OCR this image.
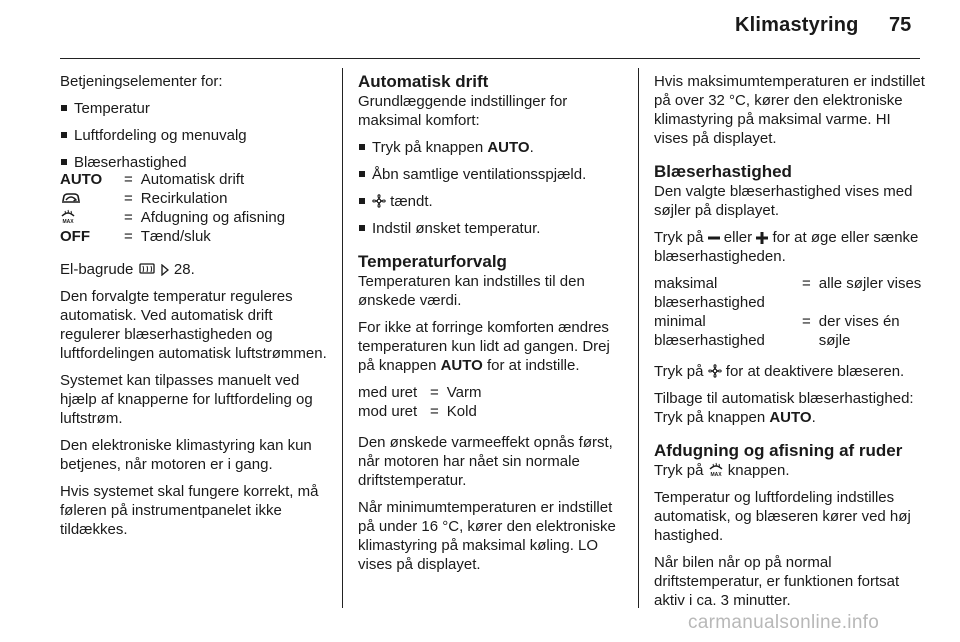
Klimastyring 75

Betjeningselementer for:

Temperatur
Luftfordeling og menuvalg
Blæserhastighed
AUTO	=	Automatisk drift
	=	Recirkulation

MAX	=	Afdugning og afisning
OFF	=	Tænd/sluk

El-bagrude	28.

Den forvalgte temperatur reguleres automatisk. Ved automatisk drift regulerer blæserhastigheden og luftfordelingen automatisk luftstrømmen.

Systemet kan tilpasses manuelt ved hjælp af knapperne for luftfordeling og luftstrøm.

Den elektroniske klimastyring kan kun betjenes, når motoren er i gang.

Hvis systemet skal fungere korrekt, må føleren på instrumentpanelet ikke tildækkes.

Automatisk drift

Grundlæggende indstillinger for maksimal komfort:

Tryk på knappen AUTO.
Åbn samtlige ventilationsspjæld.
tændt.
Indstil ønsket temperatur.
Temperaturforvalg

Temperaturen kan indstilles til den ønskede værdi.

For ikke at forringe komforten ændres temperaturen kun lidt ad gangen. Drej på knappen AUTO for at indstille.

med uret	=	Varm
mod uret	=	Kold

Den ønskede varmeeffekt opnås først, når motoren har nået sin normale driftstemperatur.

Når minimumtemperaturen er indstillet på under 16 °C, kører den elektroniske klimastyring på maksimal køling. LO vises på displayet.

Hvis maksimumtemperaturen er indstillet på over 32 °C, kører den elektroniske klimastyring på maksimal varme. HI vises på displayet.

Blæserhastighed

Den valgte blæserhastighed vises med søjler på displayet.

Tryk på  eller  for at øge eller sænke blæserhastigheden.

maksimal blæserhastighed	=	alle søjler vises
minimal blæserhastighed	=	der vises én søjle

Tryk på  for at deaktivere blæseren.

Tilbage til automatisk blæserhastighed: Tryk på knappen AUTO.

Afdugning og afisning af ruder

Tryk på MAX knappen.

Temperatur og luftfordeling indstilles automatisk, og blæseren kører ved høj hastighed.

Når bilen når op på normal driftstemperatur, er funktionen fortsat aktiv i ca. 3 minutter.

carmanualsonline.info
